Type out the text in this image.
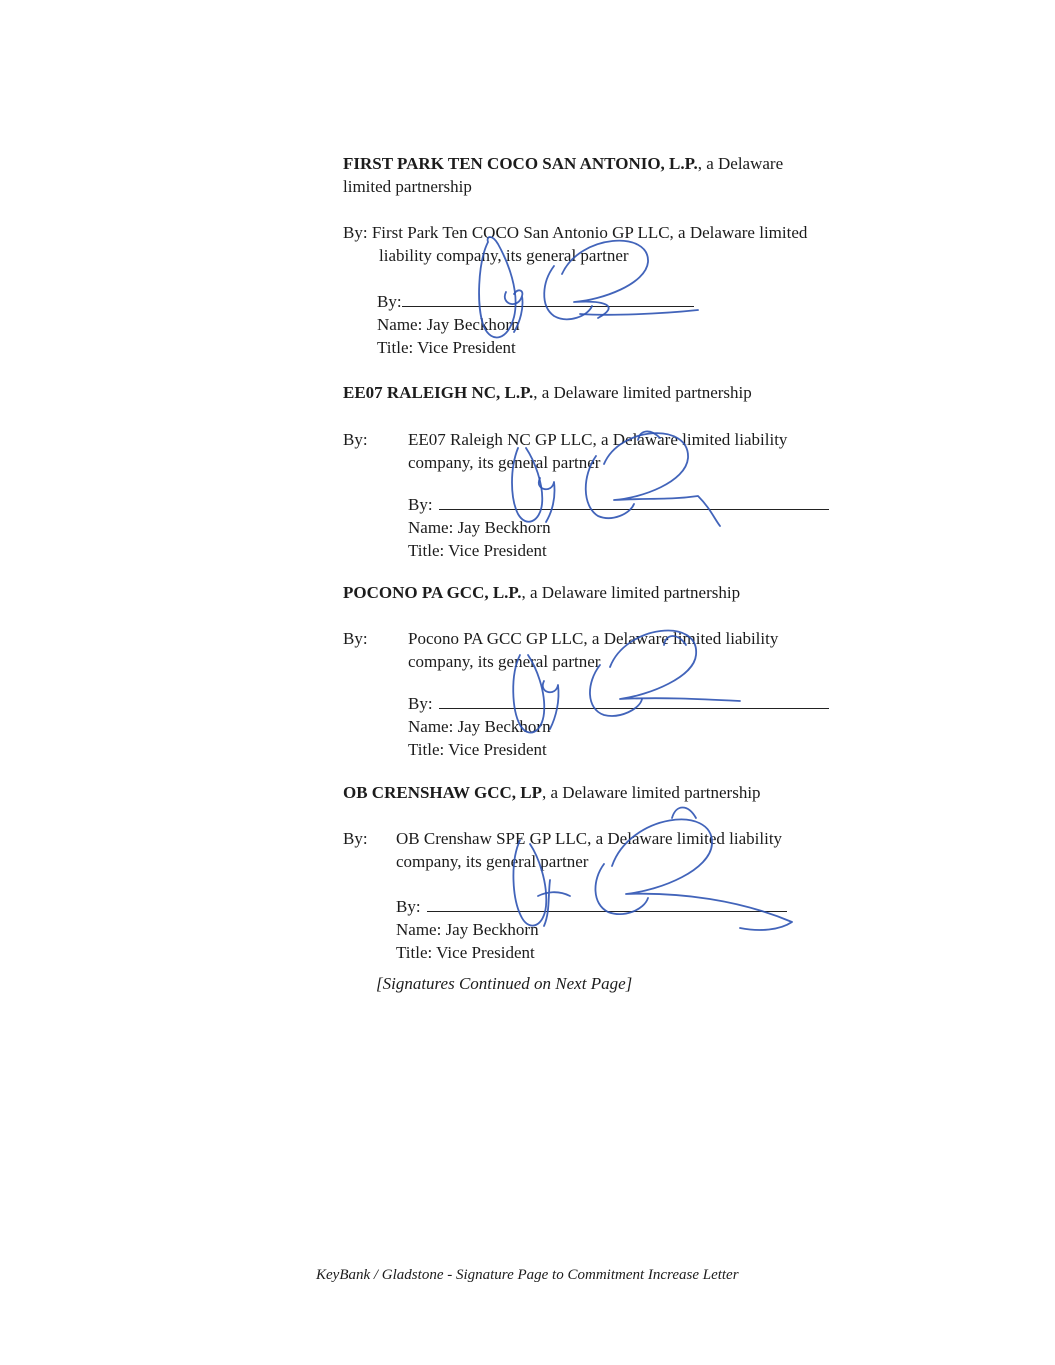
FIRST PARK TEN COCO SAN ANTONIO, L.P., a Delaware
limited partnership
By: First Park Ten COCO San Antonio GP LLC, a Delaware limited
liability company, its general partner
By:
Name: Jay Beckhorn
Title: Vice President
EE07 RALEIGH NC, L.P., a Delaware limited partnership
By: EE07 Raleigh NC GP LLC, a Delaware limited liability
company, its general partner
By:
Name: Jay Beckhorn
Title: Vice President
POCONO PA GCC, L.P., a Delaware limited partnership
By: Pocono PA GCC GP LLC, a Delaware limited liability
company, its general partner
By:
Name: Jay Beckhorn
Title: Vice President
OB CRENSHAW GCC, LP, a Delaware limited partnership
By: OB Crenshaw SPE GP LLC, a Delaware limited liability
company, its general partner
By:
Name: Jay Beckhorn
Title: Vice President
[Signatures Continued on Next Page]
KeyBank / Gladstone - Signature Page to Commitment Increase Letter
